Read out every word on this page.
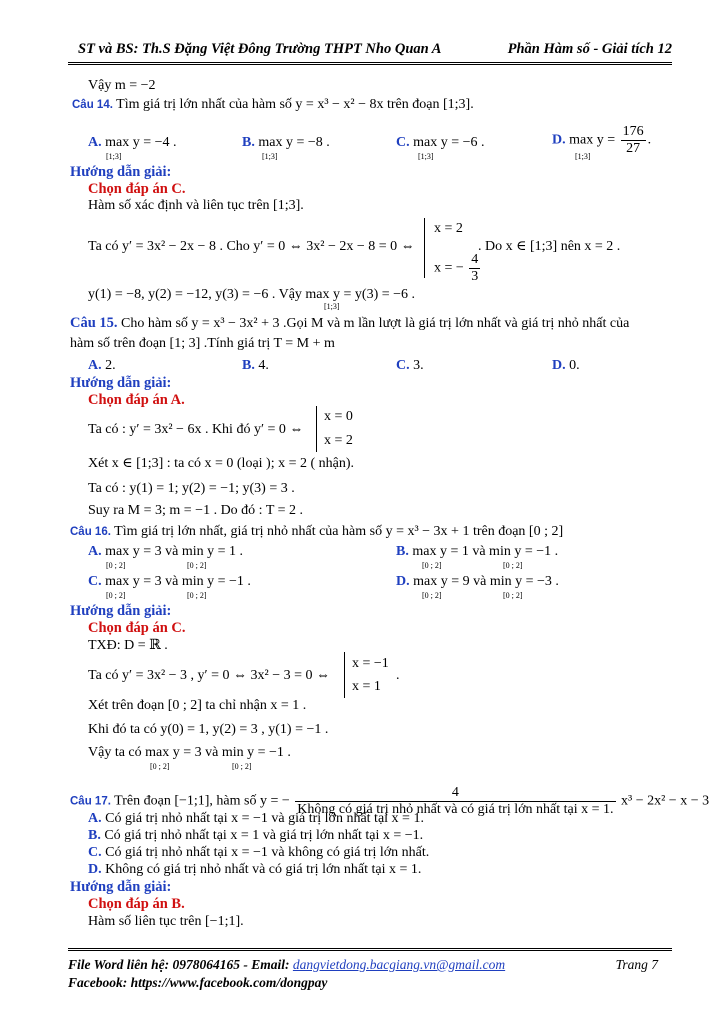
ST và BS: Th.S Đặng Việt Đông Trường THPT Nho Quan A	Phần Hàm số - Giải tích 12
Vậy m = −2
Câu 14. Tìm giá trị lớn nhất của hàm số y = x³ − x² − 8x trên đoạn [1;3].
A. max y = −4 .
[1;3]
B. max y = −8 .
[1;3]
C. max y = −6 .
[1;3]
D. $\max y = \frac{176}{27}$ .
[1;3]
Hướng dẫn giải:
Chọn đáp án C.
Hàm số xác định và liên tục trên [1;3].
Ta có y′ = 3x² − 2x − 8 . Cho y′ = 0 ⇔ 3x² − 2x − 8 = 0 ⇔
x = 2
x = − $\frac{4}{3}$
. Do x ∈ [1;3] nên x = 2 .
y(1) = −8, y(2) = −12, y(3) = −6 . Vậy max y = y(3) = −6 .
[1;3]
Câu 15. Cho hàm số y = x³ − 3x² + 3 .Gọi M và m lần lượt là giá trị lớn nhất và giá trị nhỏ nhất của
hàm số trên đoạn [1; 3] .Tính giá trị T = M + m
A. 2.	B. 4.	C. 3.	D. 0.
Hướng dẫn giải:
Chọn đáp án A.
Ta có : y′ = 3x² − 6x . Khi đó y′ = 0 ⇔
x = 0
x = 2
Xét x ∈ [1;3] : ta có x = 0 (loại ); x = 2 ( nhận).
Ta có : y(1) = 1; y(2) = −1; y(3) = 3 .
Suy ra M = 3; m = −1 . Do đó : T = 2 .
Câu 16. Tìm giá trị lớn nhất, giá trị nhỏ nhất của hàm số y = x³ − 3x + 1 trên đoạn [0 ; 2]
A. max y = 3 và min y = 1 .
[0 ; 2]	[0 ; 2]
B. max y = 1 và min y = −1 .
[0 ; 2]	[0 ; 2]
C. max y = 3 và min y = −1 .
[0 ; 2]	[0 ; 2]
D. max y = 9 và min y = −3 .
[0 ; 2]	[0 ; 2]
Hướng dẫn giải:
Chọn đáp án C.
TXĐ: D = ℝ .
Ta có y′ = 3x² − 3 , y′ = 0 ⇔ 3x² − 3 = 0 ⇔
x = −1
x = 1
.
Xét trên đoạn [0 ; 2] ta chỉ nhận x = 1 .
Khi đó ta có y(0) = 1, y(2) = 3 , y(1) = −1 .
Vậy ta có max y = 3 và min y = −1 .
[0 ; 2]	[0 ; 2]
Câu 17. Trên đoạn [−1;1], hàm số y = − $\frac{4}{\text{Không có giá trị nhỏ nhất và có giá trị lớn nhất tại x = 1.}} x^3 - 2x^2 - x - 3$
A. Có giá trị nhỏ nhất tại x = −1 và giá trị lớn nhất tại x = 1.
B. Có giá trị nhỏ nhất tại x = 1 và giá trị lớn nhất tại x = −1.
C. Có giá trị nhỏ nhất tại x = −1 và không có giá trị lớn nhất.
D. Không có giá trị nhỏ nhất và có giá trị lớn nhất tại x = 1.
Hướng dẫn giải:
Chọn đáp án B.
Hàm số liên tục trên [−1;1].
File Word liên hệ: 0978064165 - Email: dangvietdong.bacgiang.vn@gmail.com
Facebook: https://www.facebook.com/dongpay
Trang 7
